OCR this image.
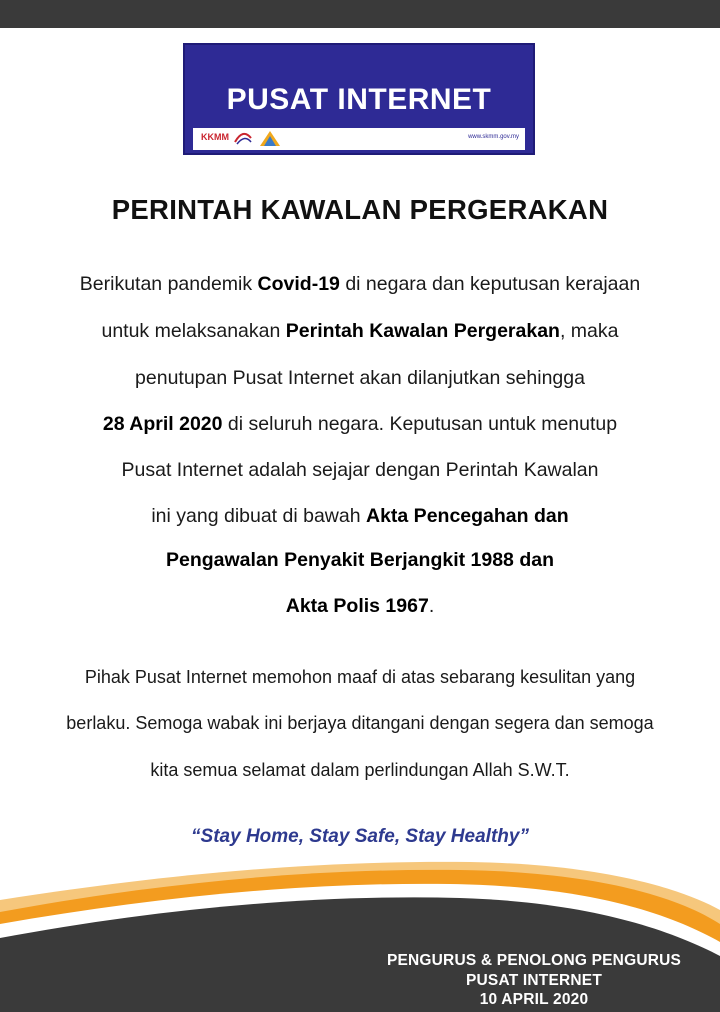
PUSAT INTERNET
KKMM	www.skmm.gov.my
PERINTAH KAWALAN PERGERAKAN
Berikutan pandemik Covid-19 di negara dan keputusan kerajaan
untuk melaksanakan Perintah Kawalan Pergerakan, maka
penutupan Pusat Internet akan dilanjutkan sehingga
28 April 2020 di seluruh negara. Keputusan untuk menutup
Pusat Internet adalah sejajar dengan Perintah Kawalan
ini yang dibuat di bawah Akta Pencegahan dan
Pengawalan Penyakit Berjangkit 1988 dan
Akta Polis 1967.
Pihak Pusat Internet memohon maaf di atas sebarang kesulitan yang
berlaku. Semoga wabak ini berjaya ditangani dengan segera dan semoga
kita semua selamat dalam perlindungan Allah S.W.T.
“Stay Home, Stay Safe, Stay Healthy”
PENGURUS & PENOLONG PENGURUS
PUSAT INTERNET
10 APRIL 2020
